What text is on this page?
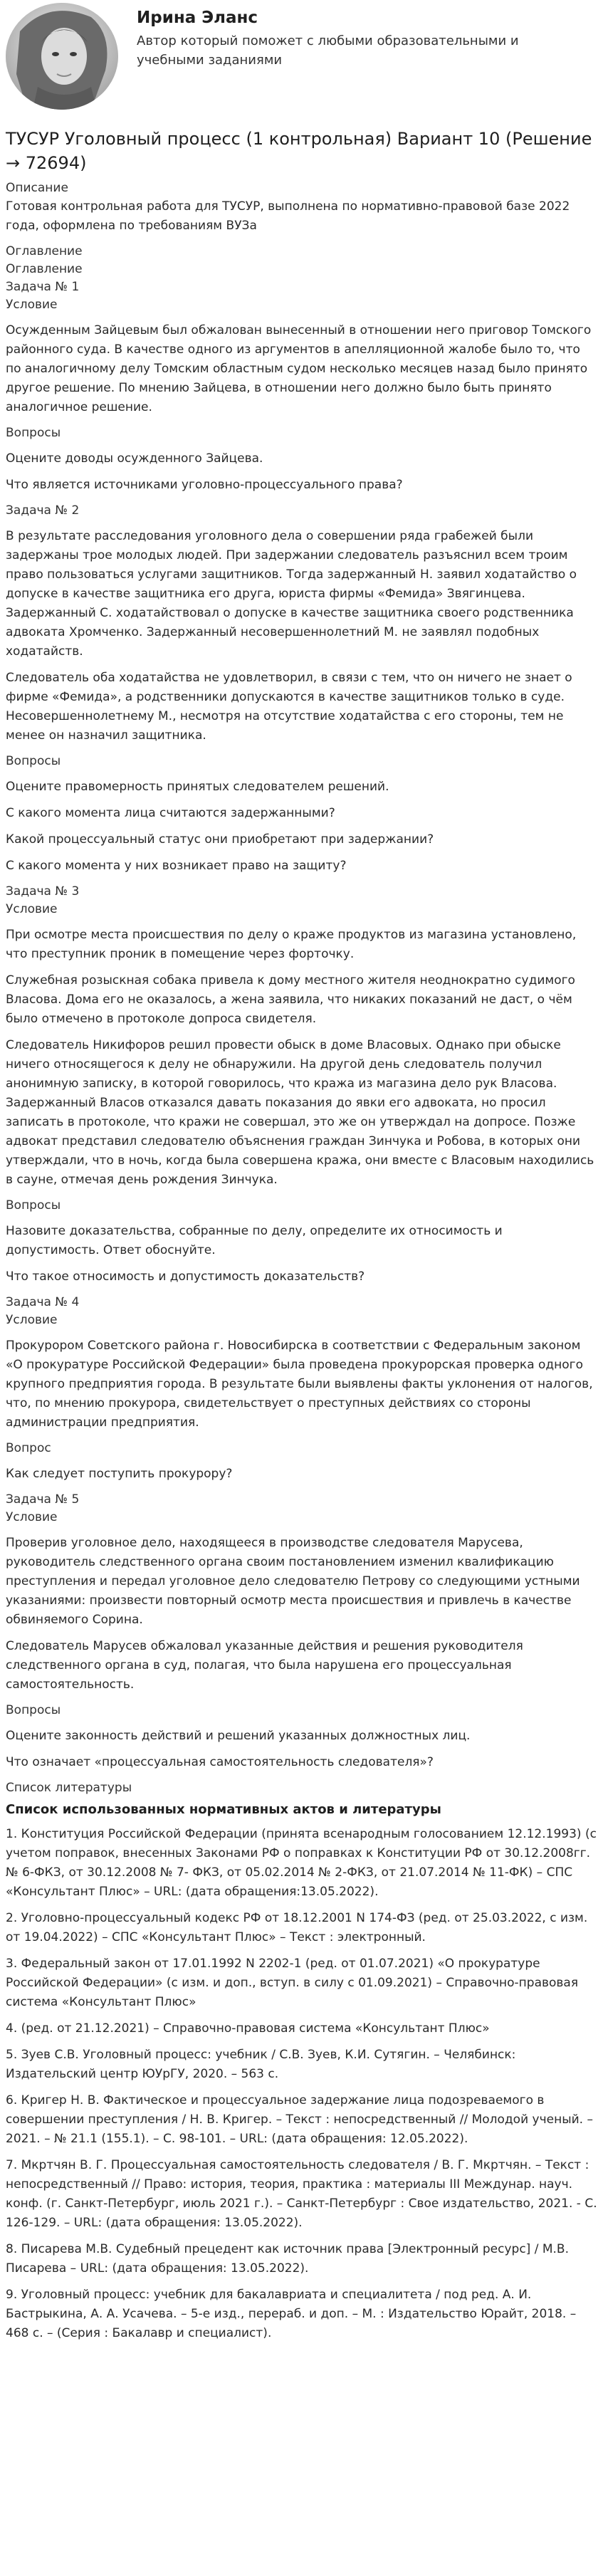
Ирина Эланс
Автор который поможет с любыми образовательными и учебными заданиями
ТУСУР Уголовный процесс (1 контрольная) Вариант 10 (Решение → 72694)
Описание

Готовая контрольная работа для ТУСУР, выполнена по нормативно-правовой базе 2022 года, оформлена по требованиям ВУЗа

Оглавление
Оглавление
Задача № 1
Условие

Осужденным Зайцевым был обжалован вынесенный в отношении него приговор Томского районного суда. В качестве одного из аргументов в апелляционной жалобе было то, что по аналогичному делу Томским областным судом несколько месяцев назад было принято другое решение. По мнению Зайцева, в отношении него должно было быть принято аналогичное решение.

Вопросы

Оцените доводы осужденного Зайцева.

Что является источниками уголовно-процессуального права?

Задача № 2

В результате расследования уголовного дела о совершении ряда грабежей были задержаны трое молодых людей. При задержании следователь разъяснил всем троим право пользоваться услугами защитников. Тогда задержанный Н. заявил ходатайство о допуске в качестве защитника его друга, юриста фирмы «Фемида» Звягинцева. Задержанный С. ходатайствовал о допуске в качестве защитника своего родственника адвоката Хромченко. Задержанный несовершеннолетний М. не заявлял подобных ходатайств.

Следователь оба ходатайства не удовлетворил, в связи с тем, что он ничего не знает о фирме «Фемида», а родственники допускаются в качестве защитников только в суде. Несовершеннолетнему М., несмотря на отсутствие ходатайства с его стороны, тем не менее он назначил защитника.

Вопросы

Оцените правомерность принятых следователем решений.

С какого момента лица считаются задержанными?

Какой процессуальный статус они приобретают при задержании?

С какого момента у них возникает право на защиту?

Задача № 3
Условие

При осмотре места происшествия по делу о краже продуктов из магазина установлено, что преступник проник в помещение через форточку.

Служебная розыскная собака привела к дому местного жителя неоднократно судимого Власова. Дома его не оказалось, а жена заявила, что никаких показаний не даст, о чём было отмечено в протоколе допроса свидетеля.

Следователь Никифоров решил провести обыск в доме Власовых. Однако при обыске ничего относящегося к делу не обнаружили. На другой день следователь получил анонимную записку, в которой говорилось, что кража из магазина дело рук Власова. Задержанный Власов отказался давать показания до явки его адвоката, но просил записать в протоколе, что кражи не совершал, это же он утверждал на допросе. Позже адвокат представил следователю объяснения граждан Зинчука и Робова, в которых они утверждали, что в ночь, когда была совершена кража, они вместе с Власовым находились в сауне, отмечая день рождения Зинчука.

Вопросы

Назовите доказательства, собранные по делу, определите их относимость и допустимость. Ответ обоснуйте.

Что такое относимость и допустимость доказательств?

Задача № 4
Условие

Прокурором Советского района г. Новосибирска в соответствии с Федеральным законом «О прокуратуре Российской Федерации» была проведена прокурорская проверка одного крупного предприятия города. В результате были выявлены факты уклонения от налогов, что, по мнению прокурора, свидетельствует о преступных действиях со стороны администрации предприятия.

Вопрос

Как следует поступить прокурору?

Задача № 5
Условие

Проверив уголовное дело, находящееся в производстве следователя Марусева, руководитель следственного органа своим постановлением изменил квалификацию преступления и передал уголовное дело следователю Петрову со следующими устными указаниями: произвести повторный осмотр места происшествия и привлечь в качестве обвиняемого Сорина.

Следователь Марусев обжаловал указанные действия и решения руководителя следственного органа в суд, полагая, что была нарушена его процессуальная самостоятельность.

Вопросы

Оцените законность действий и решений указанных должностных лиц.

Что означает «процессуальная самостоятельность следователя»?

Список литературы
Список использованных нормативных актов и литературы

1. Конституция Российской Федерации (принята всенародным голосованием 12.12.1993) (с учетом поправок, внесенных Законами РФ о поправках к Конституции РФ от 30.12.2008гг. № 6-ФКЗ, от 30.12.2008 № 7- ФКЗ, от 05.02.2014 № 2-ФКЗ, от 21.07.2014 № 11-ФК) – СПС «Консультант Плюс» – URL: (дата обращения:13.05.2022).

2. Уголовно-процессуальный кодекс РФ от 18.12.2001 N 174-ФЗ (ред. от 25.03.2022, с изм. от 19.04.2022) – СПС «Консультант Плюс» – Текст : электронный.

3. Федеральный закон от 17.01.1992 N 2202-1 (ред. от 01.07.2021) «О прокуратуре Российской Федерации» (с изм. и доп., вступ. в силу с 01.09.2021) – Справочно-правовая система «Консультант Плюс»

4. (ред. от 21.12.2021) – Справочно-правовая система «Консультант Плюс»

5. Зуев С.В. Уголовный процесс: учебник / С.В. Зуев, К.И. Сутягин. – Челябинск: Издательский центр ЮУрГУ, 2020. – 563 с.

6. Кригер Н. В. Фактическое и процессуальное задержание лица подозреваемого в совершении преступления / Н. В. Кригер. – Текст : непосредственный // Молодой ученый. – 2021. – № 21.1 (155.1). – С. 98-101. – URL: (дата обращения: 12.05.2022).

7. Мкртчян В. Г. Процессуальная самостоятельность следователя / В. Г. Мкртчян. – Текст : непосредственный // Право: история, теория, практика : материалы III Междунар. науч. конф. (г. Санкт-Петербург, июль 2021 г.). – Санкт-Петербург : Свое издательство, 2021. - С. 126-129. – URL: (дата обращения: 13.05.2022).

8. Писарева М.В. Судебный прецедент как источник права [Электронный ресурс] / М.В. Писарева – URL: (дата обращения: 13.05.2022).

9. Уголовный процесс: учебник для бакалавриата и специалитета / под ред. А. И. Бастрыкина, А. А. Усачева. – 5-е изд., перераб. и доп. – М. : Издательство Юрайт, 2018. – 468 с. – (Серия : Бакалавр и специалист).
